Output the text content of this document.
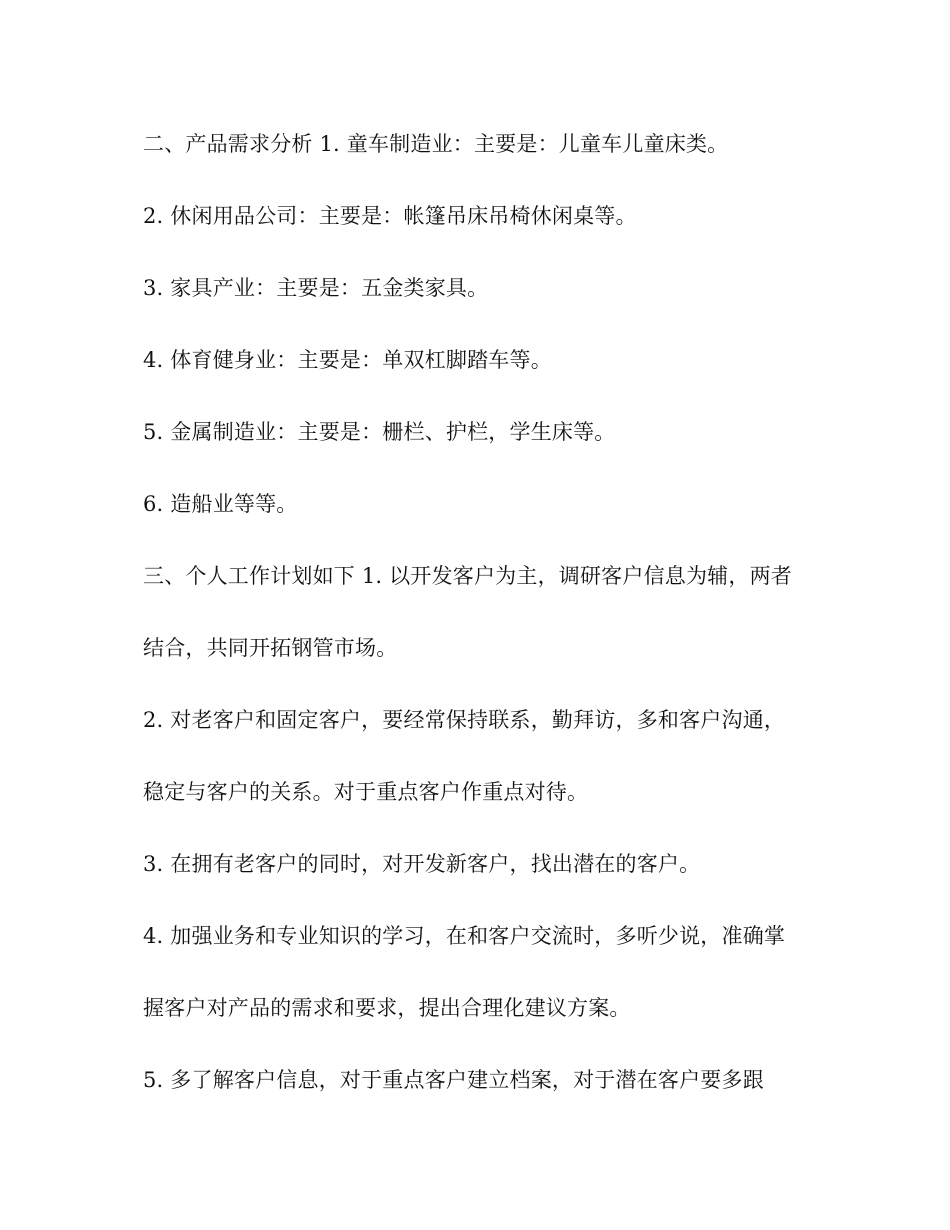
二、产品需求分析 1. 童车制造业：主要是：儿童车儿童床类。
2. 休闲用品公司：主要是：帐篷吊床吊椅休闲桌等。
3. 家具产业：主要是：五金类家具。
4. 体育健身业：主要是：单双杠脚踏车等。
5. 金属制造业：主要是：栅栏、护栏，学生床等。
6. 造船业等等。
三、个人工作计划如下 1. 以开发客户为主，调研客户信息为辅，两者
结合，共同开拓钢管市场。
2. 对老客户和固定客户，要经常保持联系，勤拜访，多和客户沟通，
稳定与客户的关系。对于重点客户作重点对待。
3. 在拥有老客户的同时，对开发新客户，找出潜在的客户。
4. 加强业务和专业知识的学习，在和客户交流时，多听少说，准确掌
握客户对产品的需求和要求，提出合理化建议方案。
5. 多了解客户信息，对于重点客户建立档案，对于潜在客户要多跟
